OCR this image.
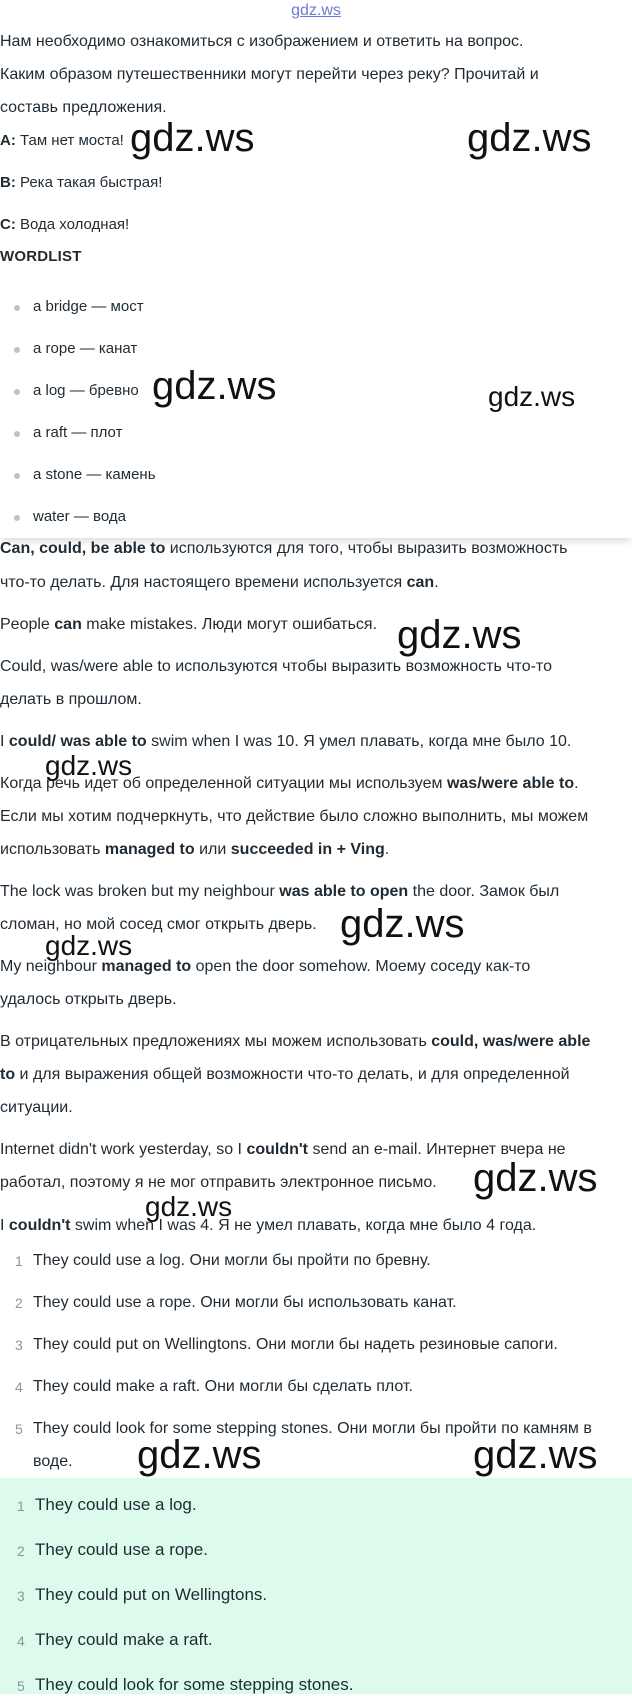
gdz.ws
Нам необходимо ознакомиться с изображением и ответить на вопрос.
Каким образом путешественники могут перейти через реку? Прочитай и
составь предложения.
A: Там нет моста!
B: Река такая быстрая!
C: Вода холодная!
WORDLIST
a bridge — мост
a rope — канат
a log — бревно
a raft — плот
a stone — камень
water — вода
Can, could, be able to используются для того, чтобы выразить возможность
что-то делать. Для настоящего времени используется can.
People can make mistakes. Люди могут ошибаться.
Could, was/were able to используются чтобы выразить возможность что-то
делать в прошлом.
I could/ was able to swim when I was 10. Я умел плавать, когда мне было 10.
Когда речь идет об определенной ситуации мы используем was/were able to.
Если мы хотим подчеркнуть, что действие было сложно выполнить, мы можем
использовать managed to или succeeded in + Ving.
The lock was broken but my neighbour was able to open the door. Замок был
сломан, но мой сосед смог открыть дверь.
My neighbour managed to open the door somehow. Моему соседу как-то
удалось открыть дверь.
В отрицательных предложениях мы можем использовать could, was/were able
to и для выражения общей возможности что-то делать, и для определенной
ситуации.
Internet didn't work yesterday, so I couldn't send an e-mail. Интернет вчера не
работал, поэтому я не мог отправить электронное письмо.
I couldn't swim when I was 4. Я не умел плавать, когда мне было 4 года.
1 They could use a log. Они могли бы пройти по бревну.
2 They could use a rope. Они могли бы использовать канат.
3 They could put on Wellingtons. Они могли бы надеть резиновые сапоги.
4 They could make a raft. Они могли бы сделать плот.
5 They could look for some stepping stones. Они могли бы пройти по камням в
воде.
1 They could use a log.
2 They could use a rope.
3 They could put on Wellingtons.
4 They could make a raft.
5 They could look for some stepping stones.
gdz.ws	gdz.ws
gdz.ws	gdz.ws
gdz.ws
gdz.ws
gdz.ws
gdz.ws
gdz.ws
gdz.ws
gdz.ws	gdz.ws
